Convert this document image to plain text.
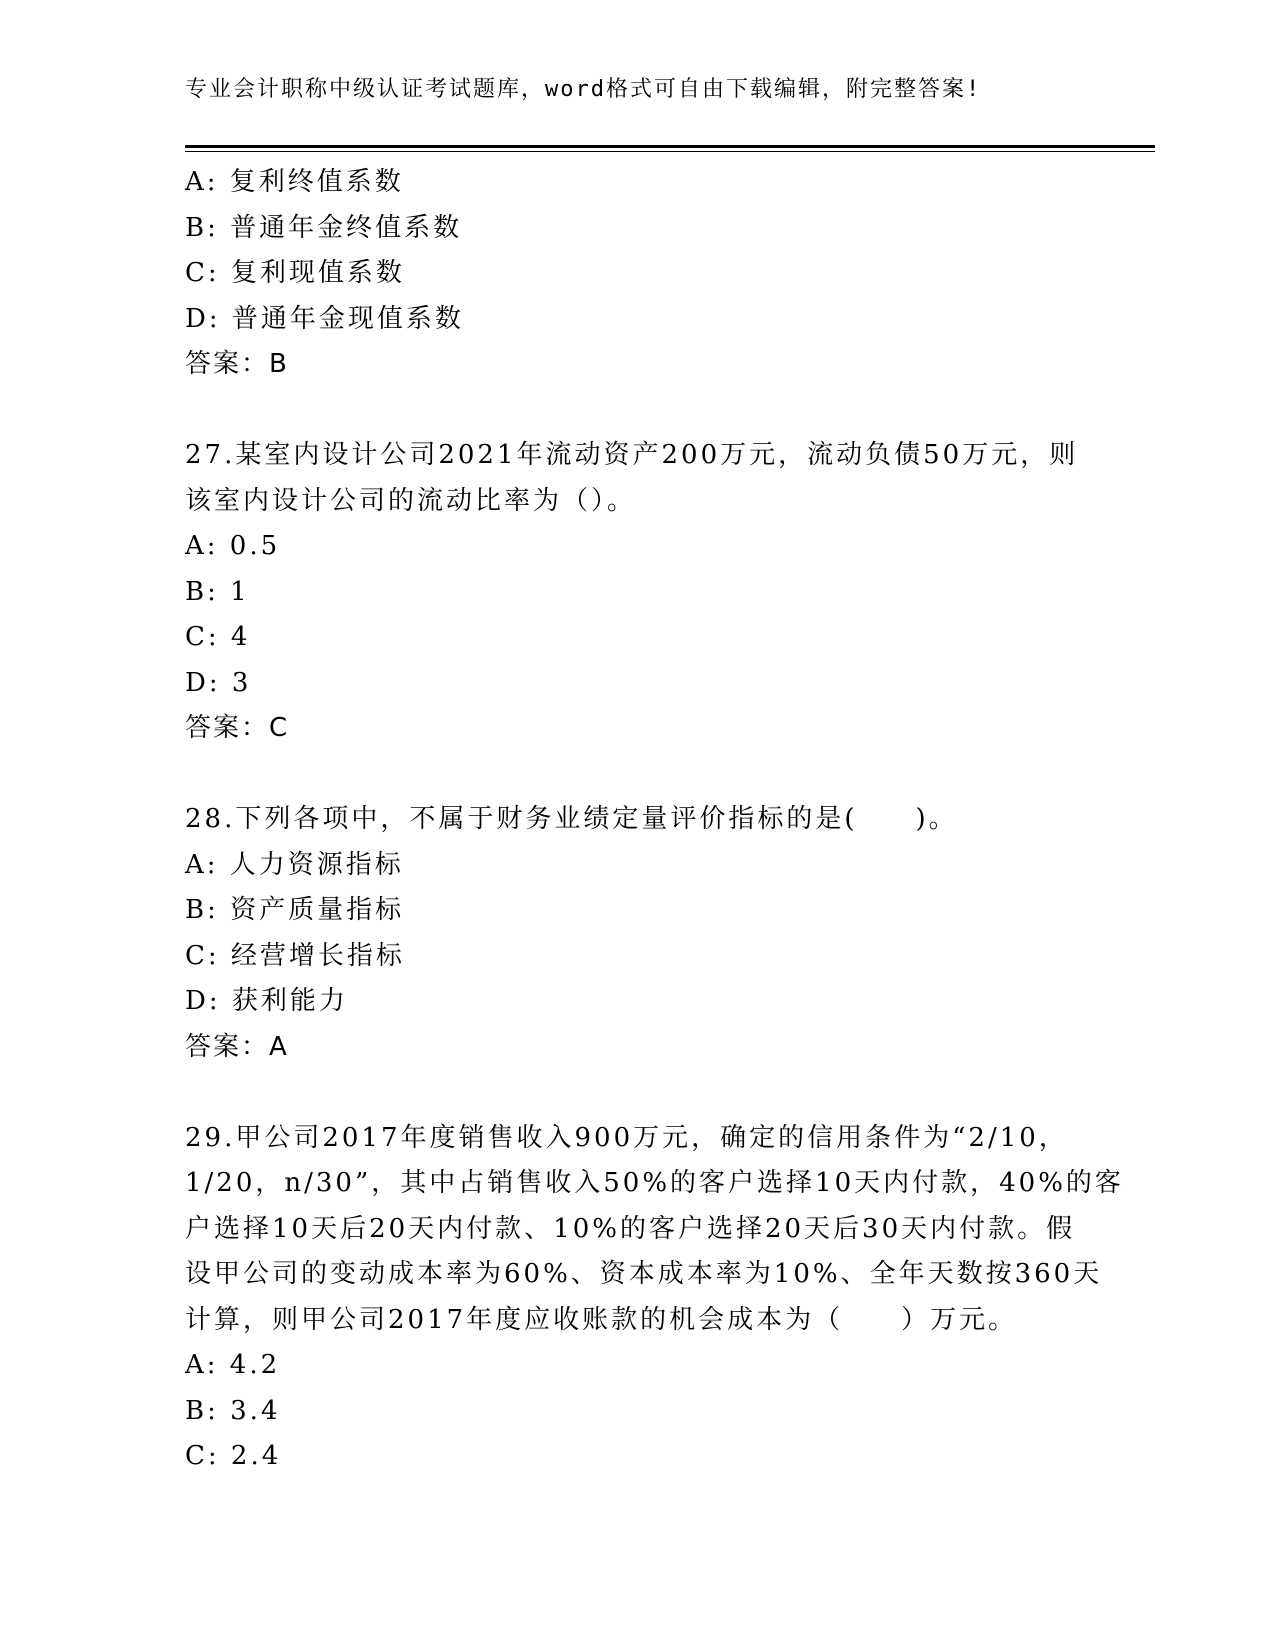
专业会计职称中级认证考试题库，word格式可自由下载编辑，附完整答案!
A: 复利终值系数
B: 普通年金终值系数
C: 复利现值系数
D: 普通年金现值系数
答案：B
27.某室内设计公司2021年流动资产200万元，流动负债50万元，则
该室内设计公司的流动比率为（）。
A: 0.5
B: 1
C: 4
D: 3
答案：C
28.下列各项中，不属于财务业绩定量评价指标的是(　　)。
A: 人力资源指标
B: 资产质量指标
C: 经营增长指标
D: 获利能力
答案：A
29.甲公司2017年度销售收入900万元，确定的信用条件为“2/10，
1/20，n/30”，其中占销售收入50%的客户选择10天内付款，40%的客
户选择10天后20天内付款、10%的客户选择20天后30天内付款。假
设甲公司的变动成本率为60%、资本成本率为10%、全年天数按360天
计算，则甲公司2017年度应收账款的机会成本为（　　）万元。
A: 4.2
B: 3.4
C: 2.4
